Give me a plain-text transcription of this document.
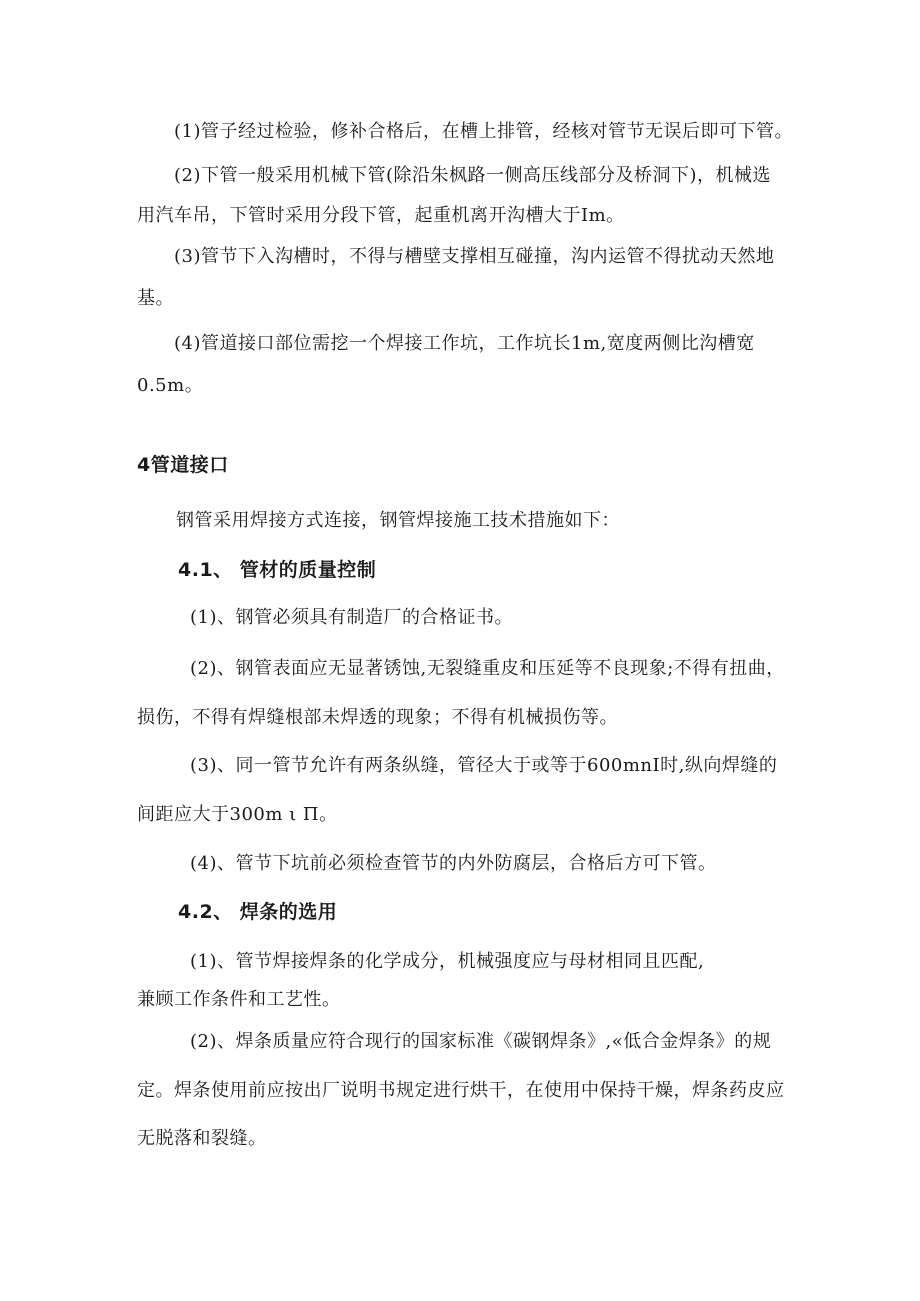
(1)管子经过检验，修补合格后，在槽上排管，经核对管节无误后即可下管。
(2)下管一般采用机械下管(除沿朱枫路一侧高压线部分及桥洞下)，机械选
用汽车吊，下管时采用分段下管，起重机离开沟槽大于Im。
(3)管节下入沟槽时，不得与槽壁支撑相互碰撞，沟内运管不得扰动天然地
基。
(4)管道接口部位需挖一个焊接工作坑，工作坑长1m,宽度两侧比沟槽宽
0.5m。
4管道接口
钢管采用焊接方式连接，钢管焊接施工技术措施如下：
4.1、 管材的质量控制
(1)、钢管必须具有制造厂的合格证书。
(2)、钢管表面应无显著锈蚀,无裂缝重皮和压延等不良现象;不得有扭曲，
损伤，不得有焊缝根部未焊透的现象；不得有机械损伤等。
(3)、同一管节允许有两条纵缝，管径大于或等于600mnI时,纵向焊缝的
间距应大于300m ι Π。
(4)、管节下坑前必须检查管节的内外防腐层，合格后方可下管。
4.2、 焊条的选用
(1)、管节焊接焊条的化学成分，机械强度应与母材相同且匹配,
兼顾工作条件和工艺性。
(2)、焊条质量应符合现行的国家标准《碳钢焊条》,«低合金焊条》的规
定。焊条使用前应按出厂说明书规定进行烘干，在使用中保持干燥，焊条药皮应
无脱落和裂缝。
